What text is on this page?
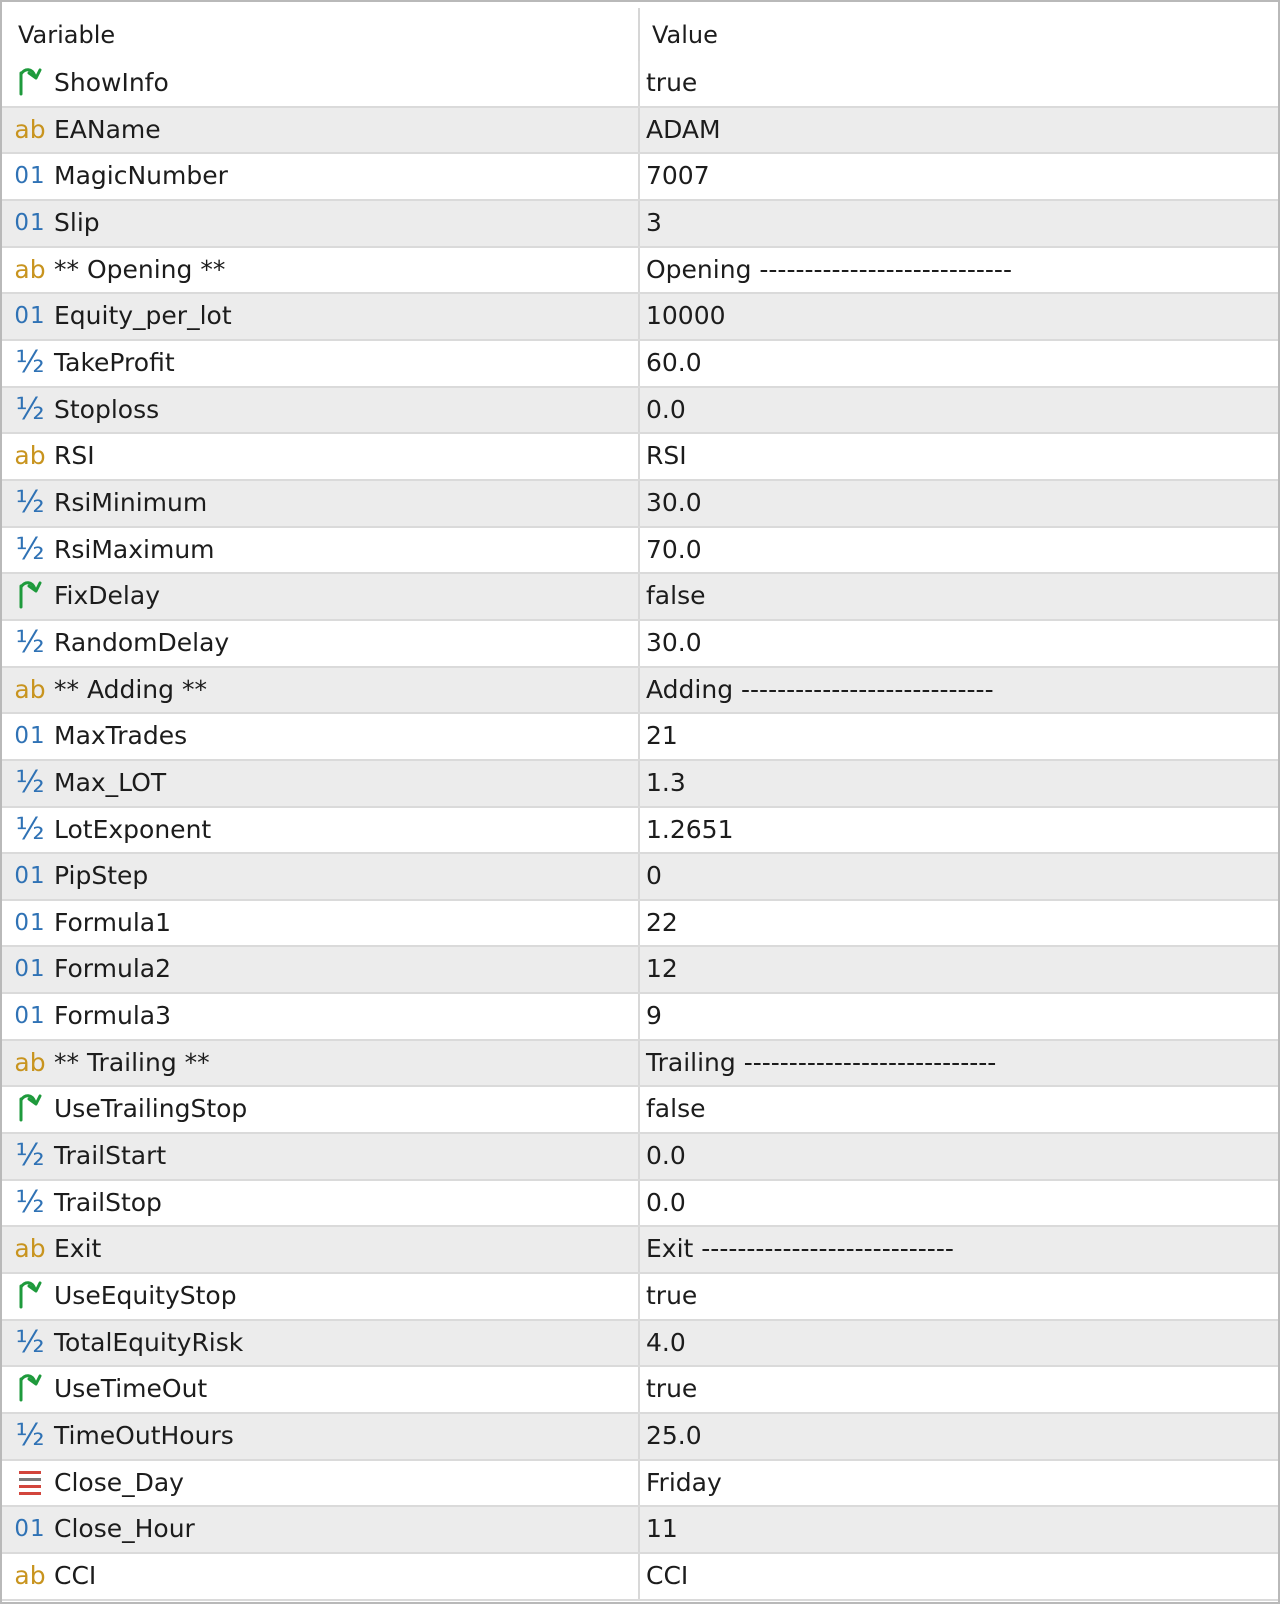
Variable	Value
ShowInfo	true
ab EAName	ADAM
01 MagicNumber	7007
01 Slip	3
ab ** Opening **	Opening ----------------------------
01 Equity_per_lot	10000
½ TakeProfit	60.0
½ Stoploss	0.0
ab RSI	RSI
½ RsiMinimum	30.0
½ RsiMaximum	70.0
FixDelay	false
½ RandomDelay	30.0
ab ** Adding **	Adding ----------------------------
01 MaxTrades	21
½ Max_LOT	1.3
½ LotExponent	1.2651
01 PipStep	0
01 Formula1	22
01 Formula2	12
01 Formula3	9
ab ** Trailing **	Trailing ----------------------------
UseTrailingStop	false
½ TrailStart	0.0
½ TrailStop	0.0
ab Exit	Exit ----------------------------
UseEquityStop	true
½ TotalEquityRisk	4.0
UseTimeOut	true
½ TimeOutHours	25.0
Close_Day	Friday
01 Close_Hour	11
ab CCI	CCI
